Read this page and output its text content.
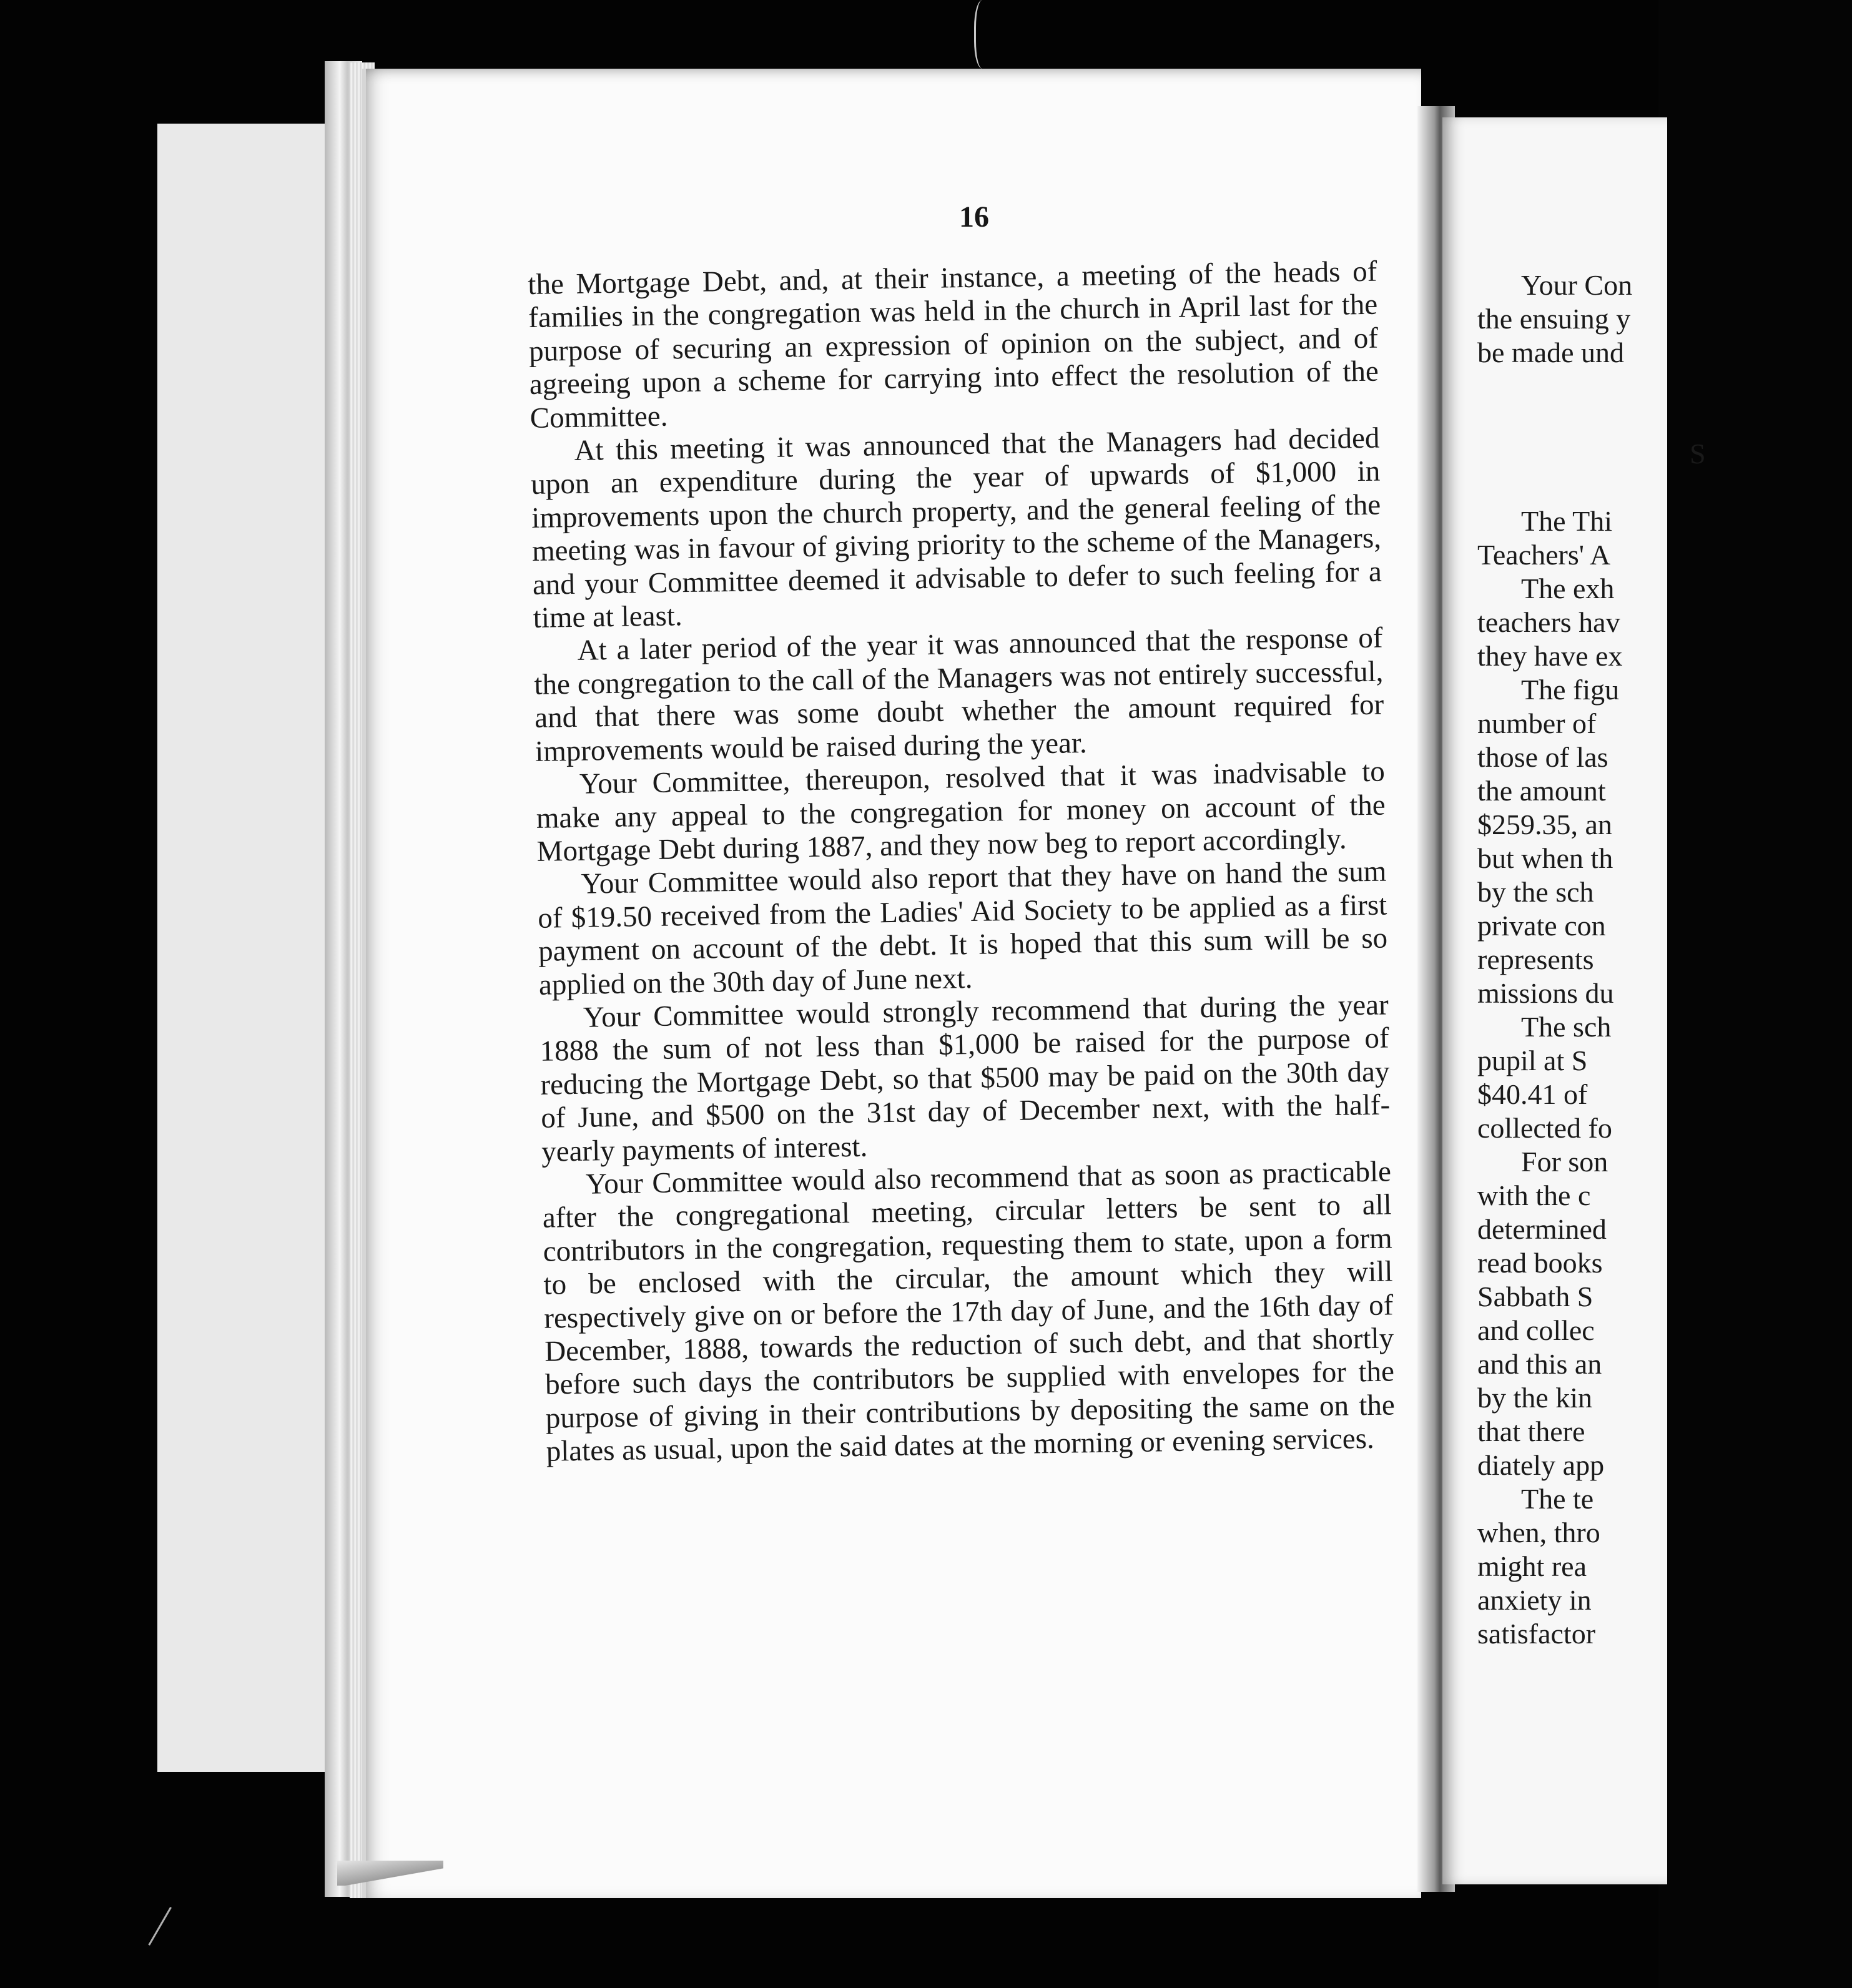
16

the Mortgage Debt, and, at their instance, a meeting of the heads of families in the congregation was held in the church in April last for the purpose of securing an expression of opinion on the subject, and of agreeing upon a scheme for carrying into effect the resolution of the Committee.

At this meeting it was announced that the Managers had decided upon an expenditure during the year of upwards of $1,000 in improvements upon the church property, and the general feeling of the meeting was in favour of giving priority to the scheme of the Managers, and your Committee deemed it advisable to defer to such feeling for a time at least.

At a later period of the year it was announced that the response of the congregation to the call of the Managers was not entirely successful, and that there was some doubt whether the amount required for improvements would be raised during the year.

Your Committee, thereupon, resolved that it was inadvisable to make any appeal to the congregation for money on account of the Mortgage Debt during 1887, and they now beg to report accordingly.

Your Committee would also report that they have on hand the sum of $19.50 received from the Ladies' Aid Society to be applied as a first payment on account of the debt. It is hoped that this sum will be so applied on the 30th day of June next.

Your Committee would strongly recommend that during the year 1888 the sum of not less than $1,000 be raised for the purpose of reducing the Mortgage Debt, so that $500 may be paid on the 30th day of June, and $500 on the 31st day of December next, with the half-yearly payments of interest.

Your Committee would also recommend that as soon as practicable after the congregational meeting, circular letters be sent to all contributors in the congregation, requesting them to state, upon a form to be enclosed with the circular, the amount which they will respectively give on or before the 17th day of June, and the 16th day of December, 1888, towards the reduction of such debt, and that shortly before such days the contributors be supplied with envelopes for the purpose of giving in their contributions by depositing the same on the plates as usual, upon the said dates at the morning or evening services.

Your Con
the ensuing y
be made und
S
The Thi
Teachers' A
The exh
teachers hav
they have ex
The figu
number of
those of las
the amount
$259.35, an
but when th
by the sch
private con
represents
missions du
The sch
pupil at S
$40.41 of
collected fo
For son
with the c
determined
read books
Sabbath S
and collec
and this an
by the kin
that there
diately app
The te
when, thro
might rea
anxiety in
satisfactor
